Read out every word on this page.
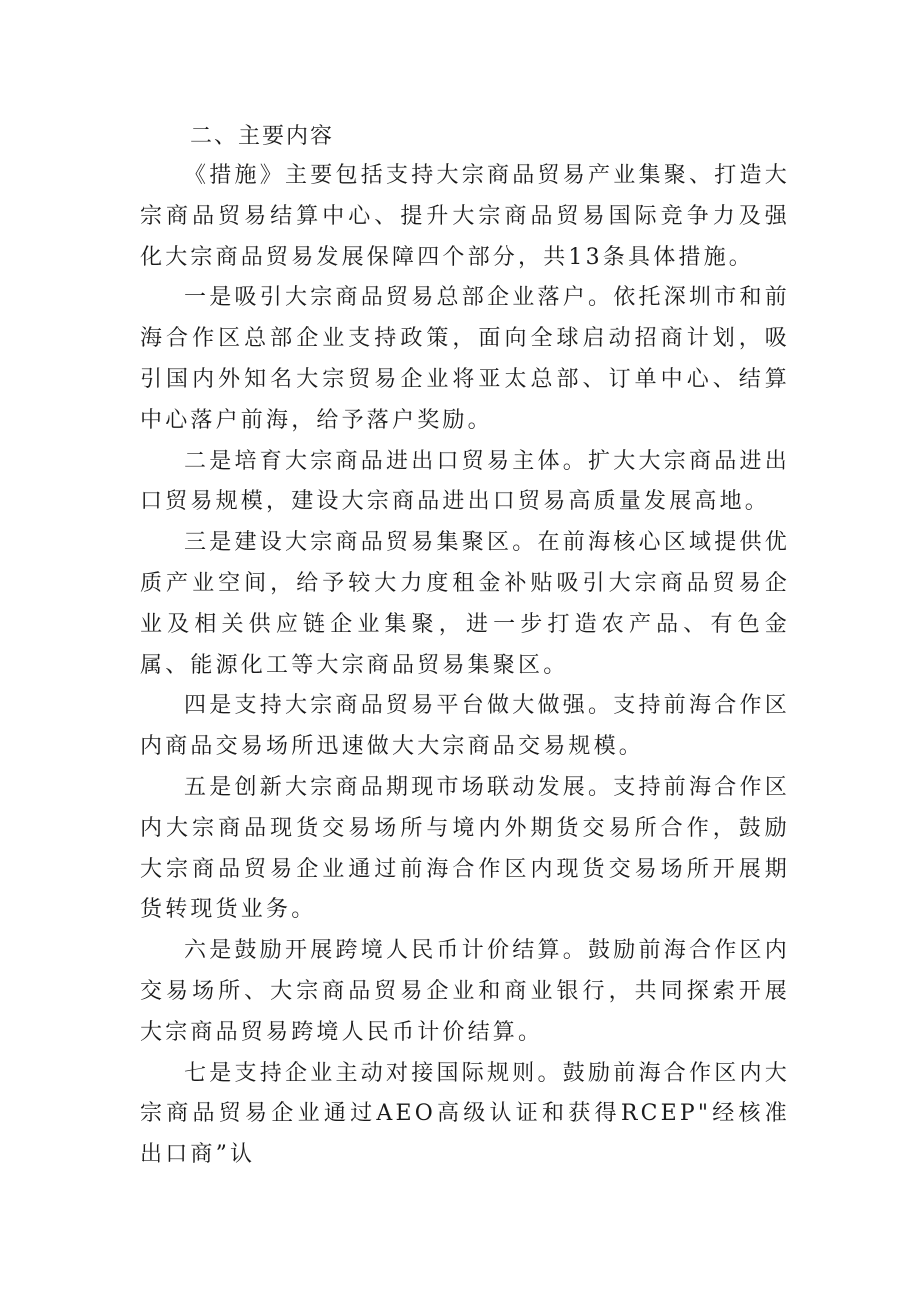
二、主要内容

《措施》主要包括支持大宗商品贸易产业集聚、打造大宗商品贸易结算中心、提升大宗商品贸易国际竞争力及强化大宗商品贸易发展保障四个部分，共13条具体措施。

一是吸引大宗商品贸易总部企业落户。依托深圳市和前海合作区总部企业支持政策，面向全球启动招商计划，吸引国内外知名大宗贸易企业将亚太总部、订单中心、结算中心落户前海，给予落户奖励。

二是培育大宗商品进出口贸易主体。扩大大宗商品进出口贸易规模，建设大宗商品进出口贸易高质量发展高地。

三是建设大宗商品贸易集聚区。在前海核心区域提供优质产业空间，给予较大力度租金补贴吸引大宗商品贸易企业及相关供应链企业集聚，进一步打造农产品、有色金属、能源化工等大宗商品贸易集聚区。

四是支持大宗商品贸易平台做大做强。支持前海合作区内商品交易场所迅速做大大宗商品交易规模。

五是创新大宗商品期现市场联动发展。支持前海合作区内大宗商品现货交易场所与境内外期货交易所合作，鼓励大宗商品贸易企业通过前海合作区内现货交易场所开展期货转现货业务。

六是鼓励开展跨境人民币计价结算。鼓励前海合作区内交易场所、大宗商品贸易企业和商业银行，共同探索开展大宗商品贸易跨境人民币计价结算。

七是支持企业主动对接国际规则。鼓励前海合作区内大宗商品贸易企业通过AEO高级认证和获得RCEP"经核准出口商”认
